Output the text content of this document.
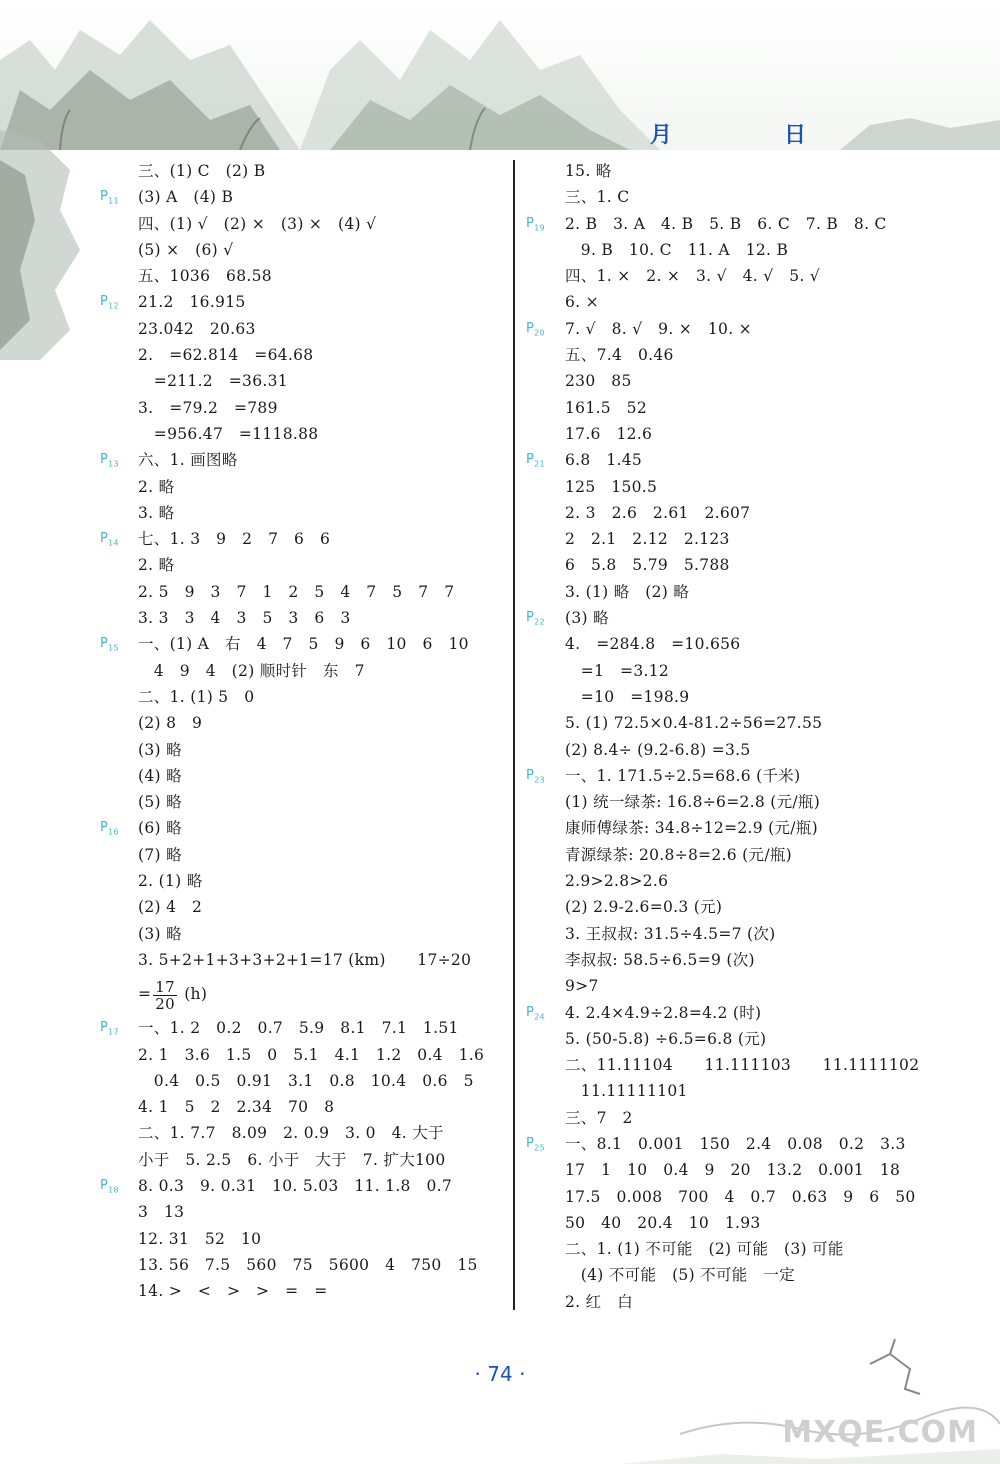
月	日
三、(1) C　(2) B
$P_{11}$ (3) A　(4) B
四、(1) √　(2) ×　(3) ×　(4) √
(5) ×　(6) √
五、1036　68.58
$P_{12}$ 21.2　16.915
23.042　20.63
2.　=62.814　=64.68
　=211.2　=36.31
3.　=79.2　=789
　=956.47　=1118.88
$P_{13}$ 六、1. 画图略
2. 略
3. 略
$P_{14}$ 七、1. 3　9　2　7　6　6
2. 略
2. 5　9　3　7　1　2　5　4　7　5　7　7
3. 3　3　4　3　5　3　6　3
$P_{15}$ 一、(1) A　右　4　7　5　9　6　10　6　10
　4　9　4　(2) 顺时针　东　7
二、1. (1) 5　0
(2) 8　9
(3) 略
(4) 略
(5) 略
$P_{16}$ (6) 略
(7) 略
2. (1) 略
(2) 4　2
(3) 略
3. 5+2+1+3+3+2+1=17 (km)　　17÷20
= $\frac{17}{20} (h)$
$P_{17}$ 一、1. 2　0.2　0.7　5.9　8.1　7.1　1.51
2. 1　3.6　1.5　0　5.1　4.1　1.2　0.4　1.6
　0.4　0.5　0.91　3.1　0.8　10.4　0.6　5
4. 1　5　2　2.34　70　8
二、1. 7.7　8.09　2. 0.9　3. 0　4. 大于
小于　5. 2.5　6. 小于　大于　7. 扩大100
$P_{18}$ 8. 0.3　9. 0.31　10. 5.03　11. 1.8　0.7
3　13
12. 31　52　10
13. 56　7.5　560　75　5600　4　750　15
14. >　<　>　>　=　=
15. 略
三、1. C
$P_{19}$ 2. B　3. A　4. B　5. B　6. C　7. B　8. C
　9. B　10. C　11. A　12. B
四、1. ×　2. ×　3. √　4. √　5. √
6. ×
$P_{20}$ 7. √　8. √　9. ×　10. ×
五、7.4　0.46
230　85
161.5　52
17.6　12.6
$P_{21}$ 6.8　1.45
125　150.5
2. 3　2.6　2.61　2.607
2　2.1　2.12　2.123
6　5.8　5.79　5.788
3. (1) 略　(2) 略
$P_{22}$ (3) 略
4.　=284.8　=10.656
　=1　=3.12
　=10　=198.9
5. (1) 72.5×0.4-81.2÷56=27.55
(2) 8.4÷ (9.2-6.8) =3.5
$P_{23}$ 一、1. 171.5÷2.5=68.6 (千米)
(1) 统一绿茶: 16.8÷6=2.8 (元/瓶)
康师傅绿茶: 34.8÷12=2.9 (元/瓶)
青源绿茶: 20.8÷8=2.6 (元/瓶)
2.9>2.8>2.6
(2) 2.9-2.6=0.3 (元)
3. 王叔叔: 31.5÷4.5=7 (次)
李叔叔: 58.5÷6.5=9 (次)
9>7
$P_{24}$ 4. 2.4×4.9÷2.8=4.2 (时)
5. (50-5.8) ÷6.5=6.8 (元)
二、11.11104　　11.111103　　11.1111102
　11.11111101
三、7　2
$P_{25}$ 一、8.1　0.001　150　2.4　0.08　0.2　3.3
17　1　10　0.4　9　20　13.2　0.001　18
17.5　0.008　700　4　0.7　0.63　9　6　50
50　40　20.4　10　1.93
二、1. (1) 不可能　(2) 可能　(3) 可能
　(4) 不可能　(5) 不可能　一定
2. 红　白
· 74 ·
MXQE.COM
